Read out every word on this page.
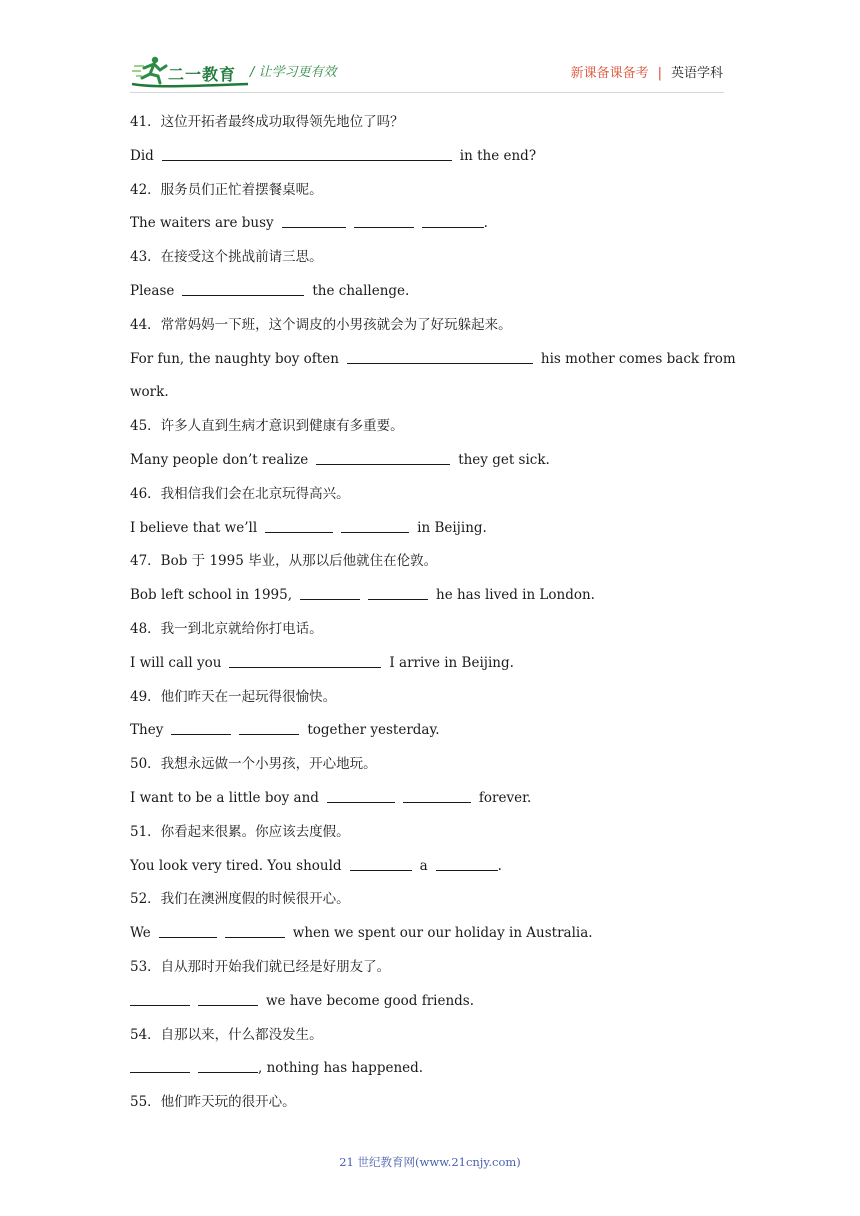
二一教育 / 让学习更有效	新课备课备考 | 英语学科
41．这位开拓者最终成功取得领先地位了吗？
Did	in the end?
42．服务员们正忙着摆餐桌呢。
The waiters are busy	.
43．在接受这个挑战前请三思。
Please	the challenge.
44．常常妈妈一下班，这个调皮的小男孩就会为了好玩躲起来。
For fun, the naughty boy often	his mother comes back from
work.
45．许多人直到生病才意识到健康有多重要。
Many people don’t realize	they get sick.
46．我相信我们会在北京玩得高兴。
I believe that we’ll	in Beijing.
47．Bob 于 1995 毕业，从那以后他就住在伦敦。
Bob left school in 1995,	he has lived in London.
48．我一到北京就给你打电话。
I will call you	I arrive in Beijing.
49．他们昨天在一起玩得很愉快。
They	together yesterday.
50．我想永远做一个小男孩，开心地玩。
I want to be a little boy and	forever.
51．你看起来很累。你应该去度假。
You look very tired. You should	a	.
52．我们在澳洲度假的时候很开心。
We	when we spent our our holiday in Australia.
53．自从那时开始我们就已经是好朋友了。
we have become good friends.
54．自那以来，什么都没发生。
, nothing has happened.
55．他们昨天玩的很开心。
21 世纪教育网(www.21cnjy.com)
